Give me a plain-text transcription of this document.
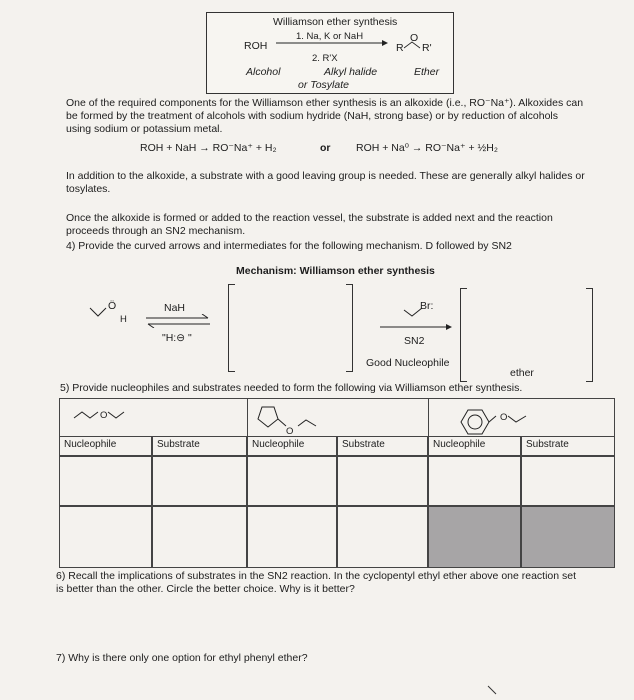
Williamson ether synthesis
1. Na, K or NaH
ROH
2. R'X
R
O
R'
Alcohol	Alkyl halide	Ether
or Tosylate
One of the required components for the Williamson ether synthesis is an alkoxide (i.e., RO⁻Na⁺). Alkoxides can
be formed by the treatment of alcohols with sodium hydride (NaH, strong base) or by reduction of alcohols
using sodium or potassium metal.
ROH + NaH → RO⁻Na⁺ + H₂	or ROH + Na⁰ → RO⁻Na⁺ + ½H₂
In addition to the alkoxide, a substrate with a good leaving group is needed. These are generally alkyl halides or
tosylates.
Once the alkoxide is formed or added to the reaction vessel, the substrate is added next and the reaction
proceeds through an SN2 mechanism.
4) Provide the curved arrows and intermediates for the following mechanism. D followed by SN2
Mechanism: Williamson ether synthesis
Ö
H
NaH
"H:⊖ "
Br:
SN2
Good Nucleophile
ether
5) Provide nucleophiles and substrates needed to form the following via Williamson ether synthesis.
O
O
O
Nucleophile	Substrate	Nucleophile	Substrate	Nucleophile	Substrate
6) Recall the implications of substrates in the SN2 reaction. In the cyclopentyl ethyl ether above one reaction set
is better than the other. Circle the better choice. Why is it better?
7) Why is there only one option for ethyl phenyl ether?
